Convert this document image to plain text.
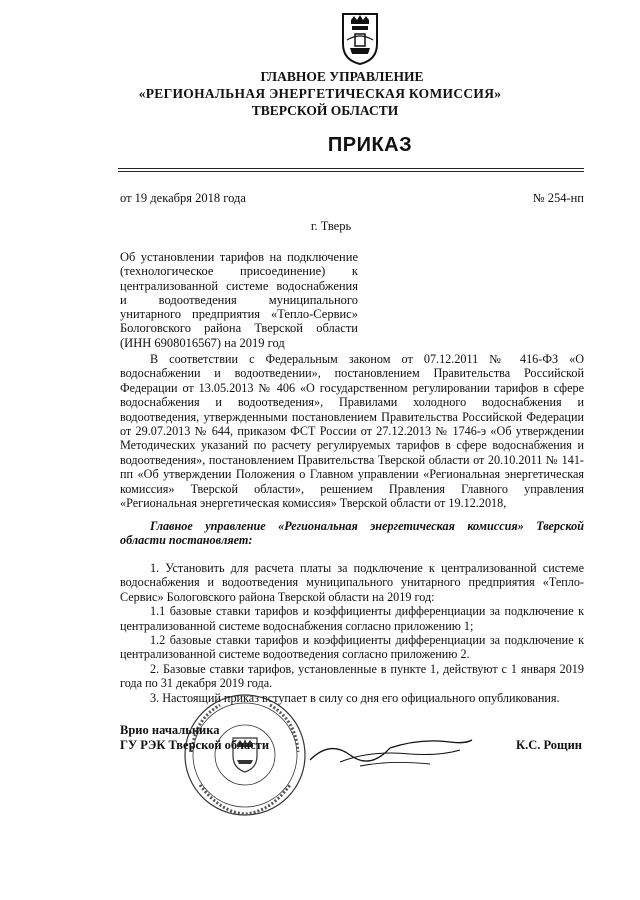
ГЛАВНОЕ УПРАВЛЕНИЕ
«РЕГИОНАЛЬНАЯ ЭНЕРГЕТИЧЕСКАЯ КОМИССИЯ»
ТВЕРСКОЙ ОБЛАСТИ
ПРИКАЗ
от 19 декабря 2018 года	№ 254-нп
г. Тверь
Об установлении тарифов на подключение (технологическое присоединение) к централизованной системе водоснабжения и водоотведения муниципального унитарного предприятия «Тепло-Сервис» Бологовского района Тверской области (ИНН 6908016567) на 2019 год

В соответствии с Федеральным законом от 07.12.2011 № 416-ФЗ «О водоснабжении и водоотведении», постановлением Правительства Российской Федерации от 13.05.2013 № 406 «О государственном регулировании тарифов в сфере водоснабжения и водоотведения», Правилами холодного водоснабжения и водоотведения, утвержденными постановлением Правительства Российской Федерации от 29.07.2013 № 644, приказом ФСТ России от 27.12.2013 № 1746-э «Об утверждении Методических указаний по расчету регулируемых тарифов в сфере водоснабжения и водоотведения», постановлением Правительства Тверской области от 20.10.2011 № 141-пп «Об утверждении Положения о Главном управлении «Региональная энергетическая комиссия» Тверской области», решением Правления Главного управления «Региональная энергетическая комиссия» Тверской области от 19.12.2018,

Главное управление «Региональная энергетическая комиссия» Тверской области постановляет:

1. Установить для расчета платы за подключение к централизованной системе водоснабжения и водоотведения муниципального унитарного предприятия «Тепло-Сервис» Бологовского района Тверской области на 2019 год:

1.1 базовые ставки тарифов и коэффициенты дифференциации за подключение к централизованной системе водоснабжения согласно приложению 1;

1.2 базовые ставки тарифов и коэффициенты дифференциации за подключение к централизованной системе водоотведения согласно приложению 2.

2. Базовые ставки тарифов, установленные в пункте 1, действуют с 1 января 2019 года по 31 декабря 2019 года.

3. Настоящий приказ вступает в силу со дня его официального опубликования.

Врио начальника
ГУ РЭК Тверской области	К.С. Рощин
